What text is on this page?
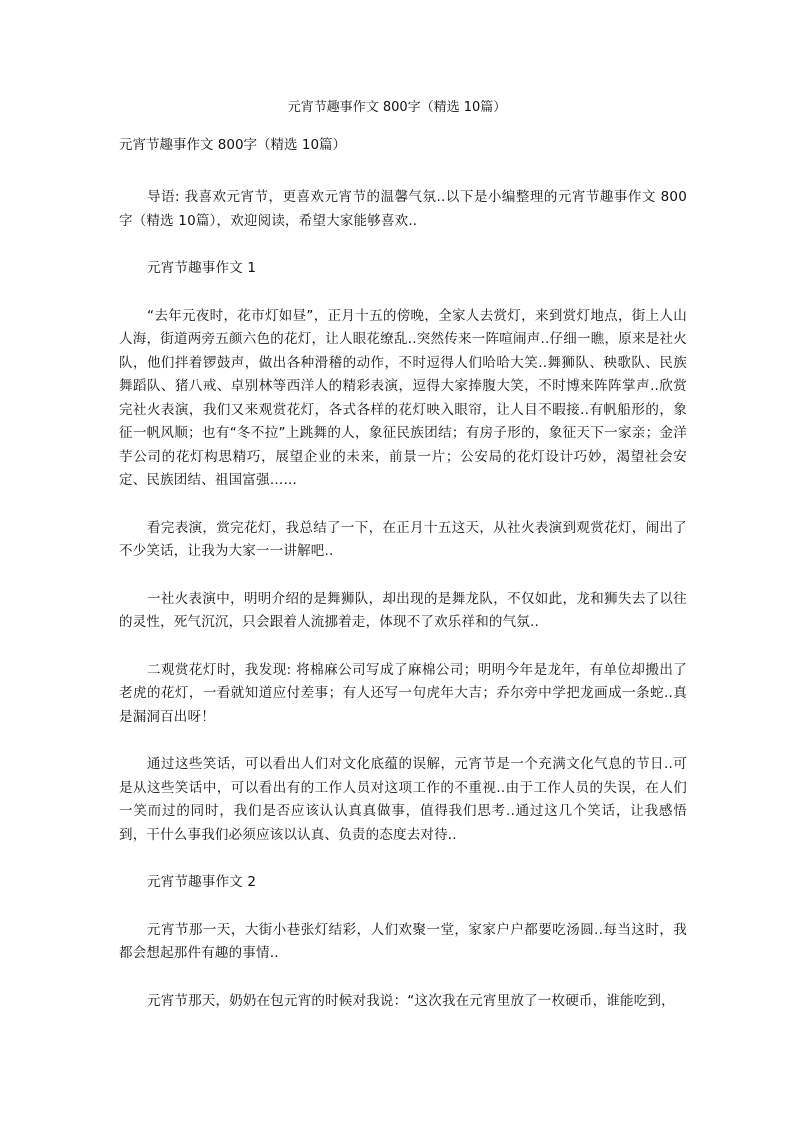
元宵节趣事作文 800字（精选 10篇）
元宵节趣事作文 800字（精选 10篇）

导语: 我喜欢元宵节，更喜欢元宵节的温馨气氛..以下是小编整理的元宵节趣事作文 800字（精选 10篇），欢迎阅读，希望大家能够喜欢..

元宵节趣事作文 1

“去年元夜时，花市灯如昼”，正月十五的傍晚，全家人去赏灯，来到赏灯地点，街上人山人海，街道两旁五颜六色的花灯，让人眼花缭乱..突然传来一阵喧闹声..仔细一瞧，原来是社火队，他们拌着锣鼓声，做出各种滑稽的动作，不时逗得人们哈哈大笑..舞狮队、秧歌队、民族舞蹈队、猪八戒、卓别林等西洋人的精彩表演，逗得大家捧腹大笑，不时博来阵阵掌声..欣赏完社火表演，我们又来观赏花灯，各式各样的花灯映入眼帘，让人目不暇接..有帆船形的，象征一帆风顺；也有“冬不拉”上跳舞的人，象征民族团结；有房子形的，象征天下一家亲；金洋芋公司的花灯构思精巧，展望企业的未来，前景一片；公安局的花灯设计巧妙，渴望社会安定、民族团结、祖国富强……

看完表演，赏完花灯，我总结了一下，在正月十五这天，从社火表演到观赏花灯，闹出了不少笑话，让我为大家一一讲解吧..

一社火表演中，明明介绍的是舞狮队，却出现的是舞龙队，不仅如此，龙和狮失去了以往的灵性，死气沉沉，只会跟着人流挪着走，体现不了欢乐祥和的气氛..

二观赏花灯时，我发现: 将棉麻公司写成了麻棉公司；明明今年是龙年，有单位却搬出了老虎的花灯，一看就知道应付差事；有人还写一句虎年大吉；乔尔旁中学把龙画成一条蛇..真是漏洞百出呀！

通过这些笑话，可以看出人们对文化底蕴的误解，元宵节是一个充满文化气息的节日..可是从这些笑话中，可以看出有的工作人员对这项工作的不重视..由于工作人员的失误，在人们一笑而过的同时，我们是否应该认认真真做事，值得我们思考..通过这几个笑话，让我感悟到，干什么事我们必须应该以认真、负责的态度去对待..

元宵节趣事作文 2

元宵节那一天，大街小巷张灯结彩，人们欢聚一堂，家家户户都要吃汤圆..每当这时，我都会想起那件有趣的事情..

元宵节那天，奶奶在包元宵的时候对我说：“这次我在元宵里放了一枚硬币，谁能吃到，
